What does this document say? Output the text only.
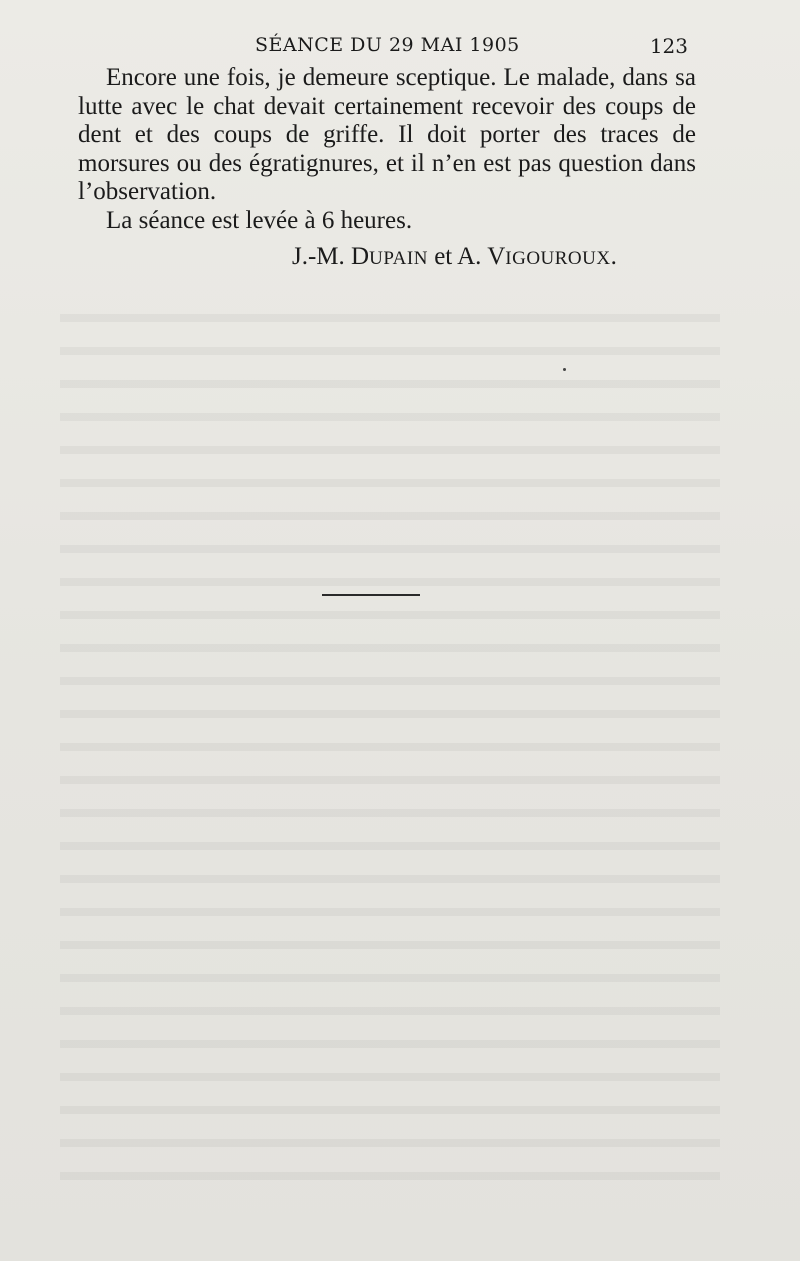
SÉANCE DU 29 MAI 1905	123

Encore une fois, je demeure sceptique. Le malade, dans sa lutte avec le chat devait certainement recevoir des coups de dent et des coups de griffe. Il doit porter des traces de morsures ou des égratignures, et il n’en est pas question dans l’observation.

La séance est levée à 6 heures.

J.-M. DUPAIN et A. VIGOUROUX.
